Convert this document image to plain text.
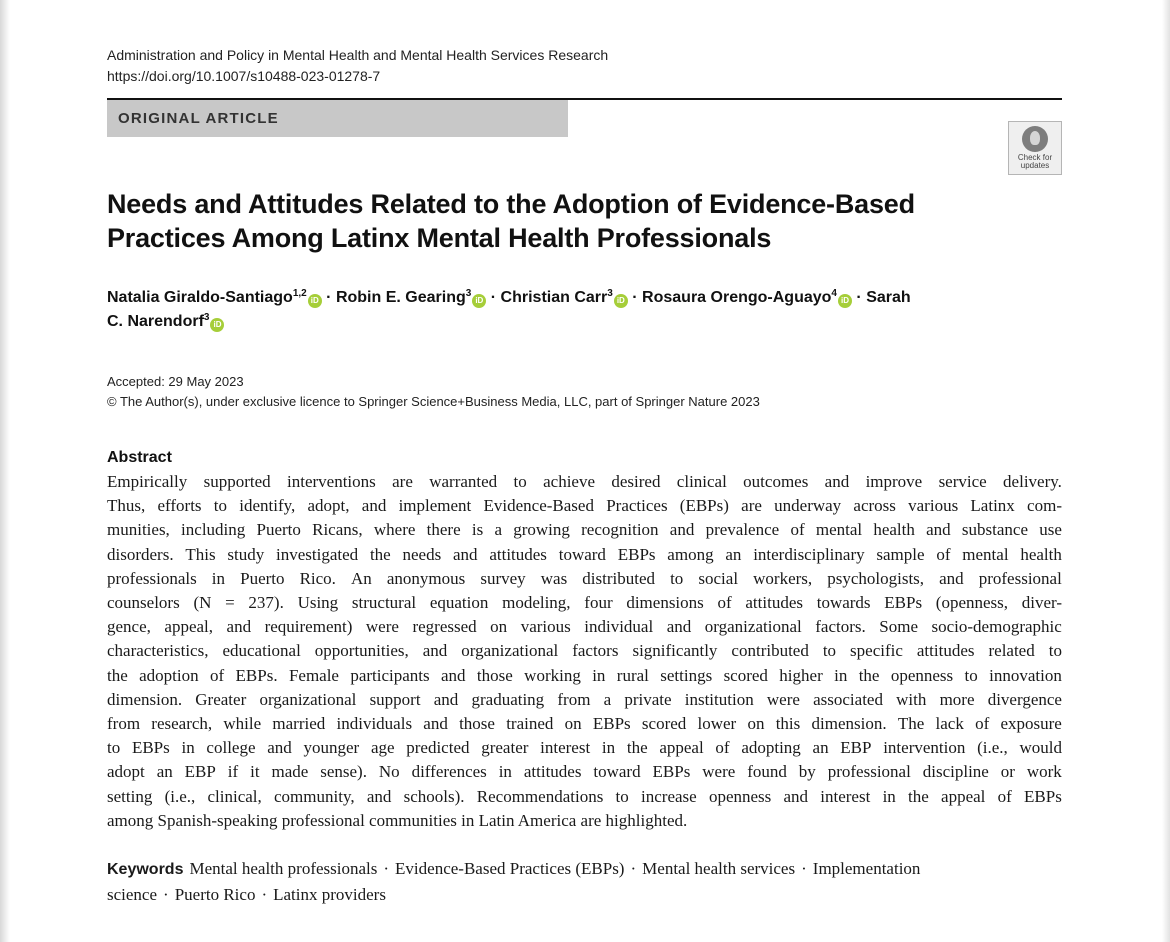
Administration and Policy in Mental Health and Mental Health Services Research
https://doi.org/10.1007/s10488-023-01278-7
ORIGINAL ARTICLE
Check for
updates
Needs and Attitudes Related to the Adoption of Evidence-Based
Practices Among Latinx Mental Health Professionals
Natalia Giraldo-Santiago$^{1,2}$iD · Robin E. Gearing$^3$iD · Christian Carr$^3$iD · Rosaura Orengo-Aguayo$^4$iD · Sarah
C. Narendorf$^3$iD
Accepted: 29 May 2023
© The Author(s), under exclusive licence to Springer Science+Business Media, LLC, part of Springer Nature 2023
Abstract
Empirically supported interventions are warranted to achieve desired clinical outcomes and improve service delivery.
Thus, efforts to identify, adopt, and implement Evidence-Based Practices (EBPs) are underway across various Latinx com-
munities, including Puerto Ricans, where there is a growing recognition and prevalence of mental health and substance use
disorders. This study investigated the needs and attitudes toward EBPs among an interdisciplinary sample of mental health
professionals in Puerto Rico. An anonymous survey was distributed to social workers, psychologists, and professional
counselors (N = 237). Using structural equation modeling, four dimensions of attitudes towards EBPs (openness, diver-
gence, appeal, and requirement) were regressed on various individual and organizational factors. Some socio-demographic
characteristics, educational opportunities, and organizational factors significantly contributed to specific attitudes related to
the adoption of EBPs. Female participants and those working in rural settings scored higher in the openness to innovation
dimension. Greater organizational support and graduating from a private institution were associated with more divergence
from research, while married individuals and those trained on EBPs scored lower on this dimension. The lack of exposure
to EBPs in college and younger age predicted greater interest in the appeal of adopting an EBP intervention (i.e., would
adopt an EBP if it made sense). No differences in attitudes toward EBPs were found by professional discipline or work
setting (i.e., clinical, community, and schools). Recommendations to increase openness and interest in the appeal of EBPs
among Spanish-speaking professional communities in Latin America are highlighted.
Keywords Mental health professionals · Evidence-Based Practices (EBPs) · Mental health services · Implementation
science · Puerto Rico · Latinx providers
